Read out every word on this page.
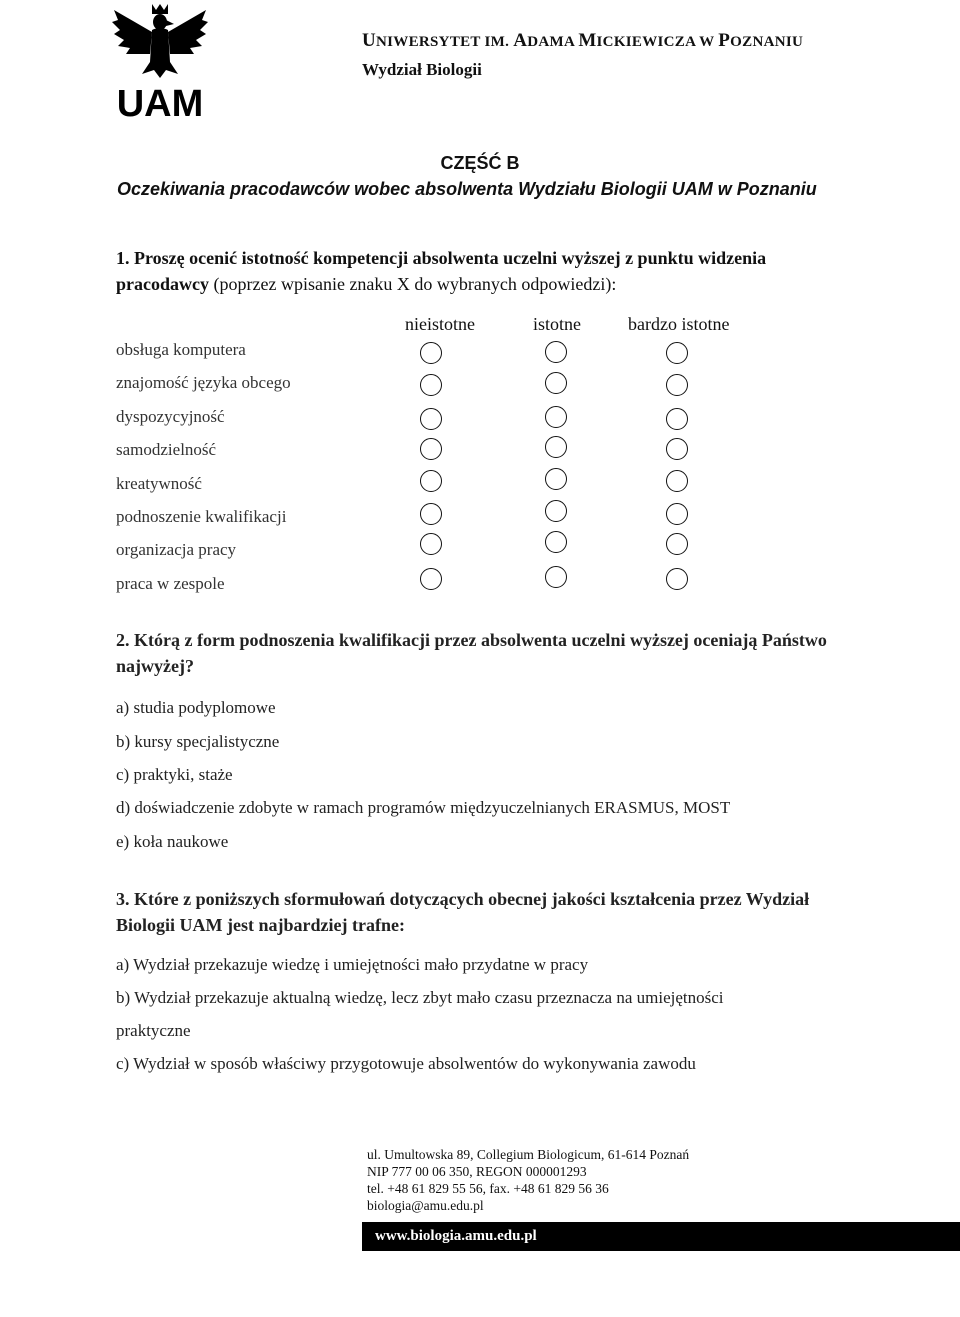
UAM
UNIWERSYTET IM. ADAMA MICKIEWICZA W POZNANIU
Wydział Biologii
CZĘŚĆ B
Oczekiwania pracodawców wobec absolwenta Wydziału Biologii UAM w Poznaniu
1. Proszę ocenić istotność kompetencji absolwenta uczelni wyższej z punktu widzenia pracodawcy (poprzez wpisanie znaku X do wybranych odpowiedzi):
nieistotne	istotne	bardzo istotne
obsługa komputera
znajomość języka obcego
dyspozycyjność
samodzielność
kreatywność
podnoszenie kwalifikacji
organizacja pracy
praca w zespole
2. Którą z form podnoszenia kwalifikacji przez absolwenta uczelni wyższej oceniają Państwo najwyżej?
a) studia podyplomowe
b) kursy specjalistyczne
c) praktyki, staże
d) doświadczenie zdobyte w ramach programów międzyuczelnianych ERASMUS, MOST
e) koła naukowe
3. Które z poniższych sformułowań dotyczących obecnej jakości kształcenia przez Wydział Biologii UAM jest najbardziej trafne:
a) Wydział przekazuje wiedzę i umiejętności mało przydatne w pracy
b) Wydział przekazuje aktualną wiedzę, lecz zbyt mało czasu przeznacza na umiejętności
praktyczne
c) Wydział w sposób właściwy przygotowuje absolwentów do wykonywania zawodu
ul. Umultowska 89, Collegium Biologicum, 61-614 Poznań
NIP 777 00 06 350, REGON 000001293
tel. +48 61 829 55 56, fax. +48 61 829 56 36
biologia@amu.edu.pl
www.biologia.amu.edu.pl
